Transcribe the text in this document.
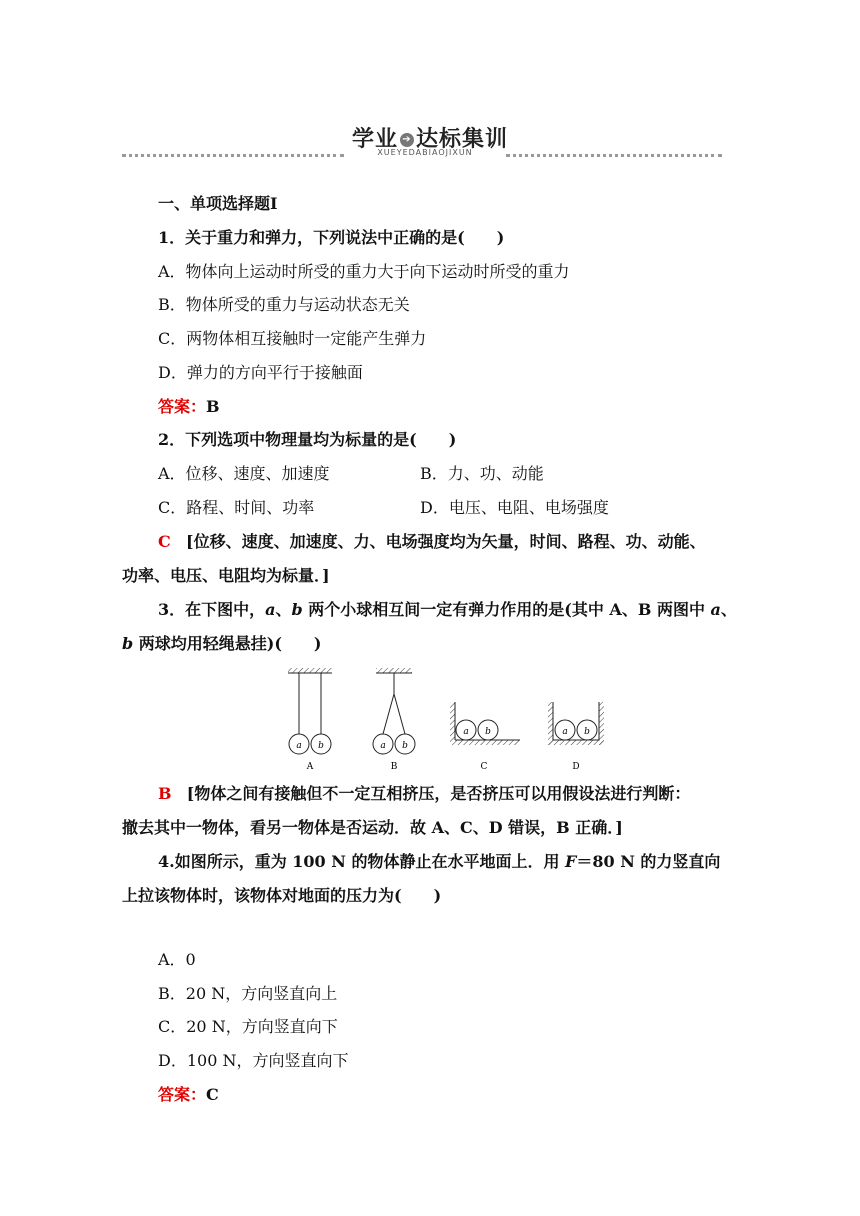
学业 ➔ 达标集训
XUEYEDABIAOJIXUN
一、单项选择题Ⅰ
1．关于重力和弹力，下列说法中正确的是(　　)
A．物体向上运动时所受的重力大于向下运动时所受的重力
B．物体所受的重力与运动状态无关
C．两物体相互接触时一定能产生弹力
D．弹力的方向平行于接触面
答案：B
2．下列选项中物理量均为标量的是(　　)
A．位移、速度、加速度	B．力、功、动能
C．路程、时间、功率	D．电压、电阻、电场强度
C [位移、速度、加速度、力、电场强度均为矢量，时间、路程、功、动能、
功率、电压、电阻均为标量．]
3．在下图中，a、b 两个小球相互间一定有弹力作用的是(其中 A、B 两图中 a、
b 两球均用轻绳悬挂)(　　)
a b
A
a b
B
a b
C
a b
D
B [物体之间有接触但不一定互相挤压，是否挤压可以用假设法进行判断：
撤去其中一物体，看另一物体是否运动．故 A、C、D 错误，B 正确．]
4.如图所示，重为 100 N 的物体静止在水平地面上．用 F＝80 N 的力竖直向
上拉该物体时，该物体对地面的压力为(　　)
A．0
B．20 N，方向竖直向上
C．20 N，方向竖直向下
D．100 N，方向竖直向下
答案：C
